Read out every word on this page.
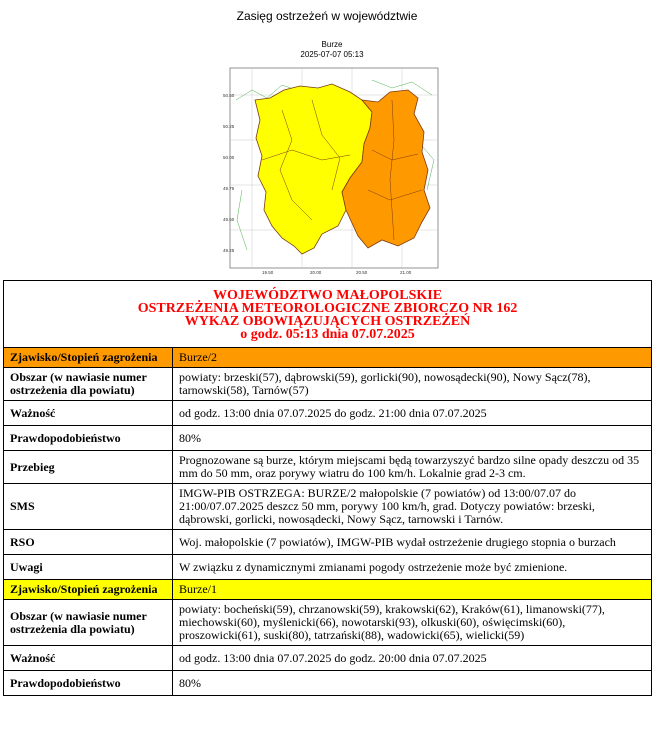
Zasięg ostrzeżeń w województwie
Burze
2025-07-07 05:13
50.50
50.25
50.00
49.75
49.50
49.25
19.50	20.00	20.50	21.00
WOJEWÓDZTWO MAŁOPOLSKIE
OSTRZEŻENIA METEOROLOGICZNE ZBIORCZO NR 162
WYKAZ OBOWIĄZUJĄCYCH OSTRZEŻEŃ
o godz. 05:13 dnia 07.07.2025	

Zjawisko/Stopień zagrożenia	Burze/2
Obszar (w nawiasie numer ostrzeżenia dla powiatu)	powiaty: brzeski(57), dąbrowski(59), gorlicki(90), nowosądecki(90), Nowy Sącz(78), tarnowski(58), Tarnów(57)
Ważność	od godz. 13:00 dnia 07.07.2025 do godz. 21:00 dnia 07.07.2025
Prawdopodobieństwo	80%
Przebieg	Prognozowane są burze, którym miejscami będą towarzyszyć bardzo silne opady deszczu od 35 mm do 50 mm, oraz porywy wiatru do 100 km/h. Lokalnie grad 2-3 cm.
SMS	IMGW-PIB OSTRZEGA: BURZE/2 małopolskie (7 powiatów) od 13:00/07.07 do 21:00/07.07.2025 deszcz 50 mm, porywy 100 km/h, grad. Dotyczy powiatów: brzeski, dąbrowski, gorlicki, nowosądecki, Nowy Sącz, tarnowski i Tarnów.
RSO	Woj. małopolskie (7 powiatów), IMGW-PIB wydał ostrzeżenie drugiego stopnia o burzach
Uwagi	W związku z dynamicznymi zmianami pogody ostrzeżenie może być zmienione.
Zjawisko/Stopień zagrożenia	Burze/1
Obszar (w nawiasie numer ostrzeżenia dla powiatu)	powiaty: bocheński(59), chrzanowski(59), krakowski(62), Kraków(61), limanowski(77), miechowski(60), myślenicki(66), nowotarski(93), olkuski(60), oświęcimski(60), proszowicki(61), suski(80), tatrzański(88), wadowicki(65), wielicki(59)
Ważność	od godz. 13:00 dnia 07.07.2025 do godz. 20:00 dnia 07.07.2025
Prawdopodobieństwo	80%
